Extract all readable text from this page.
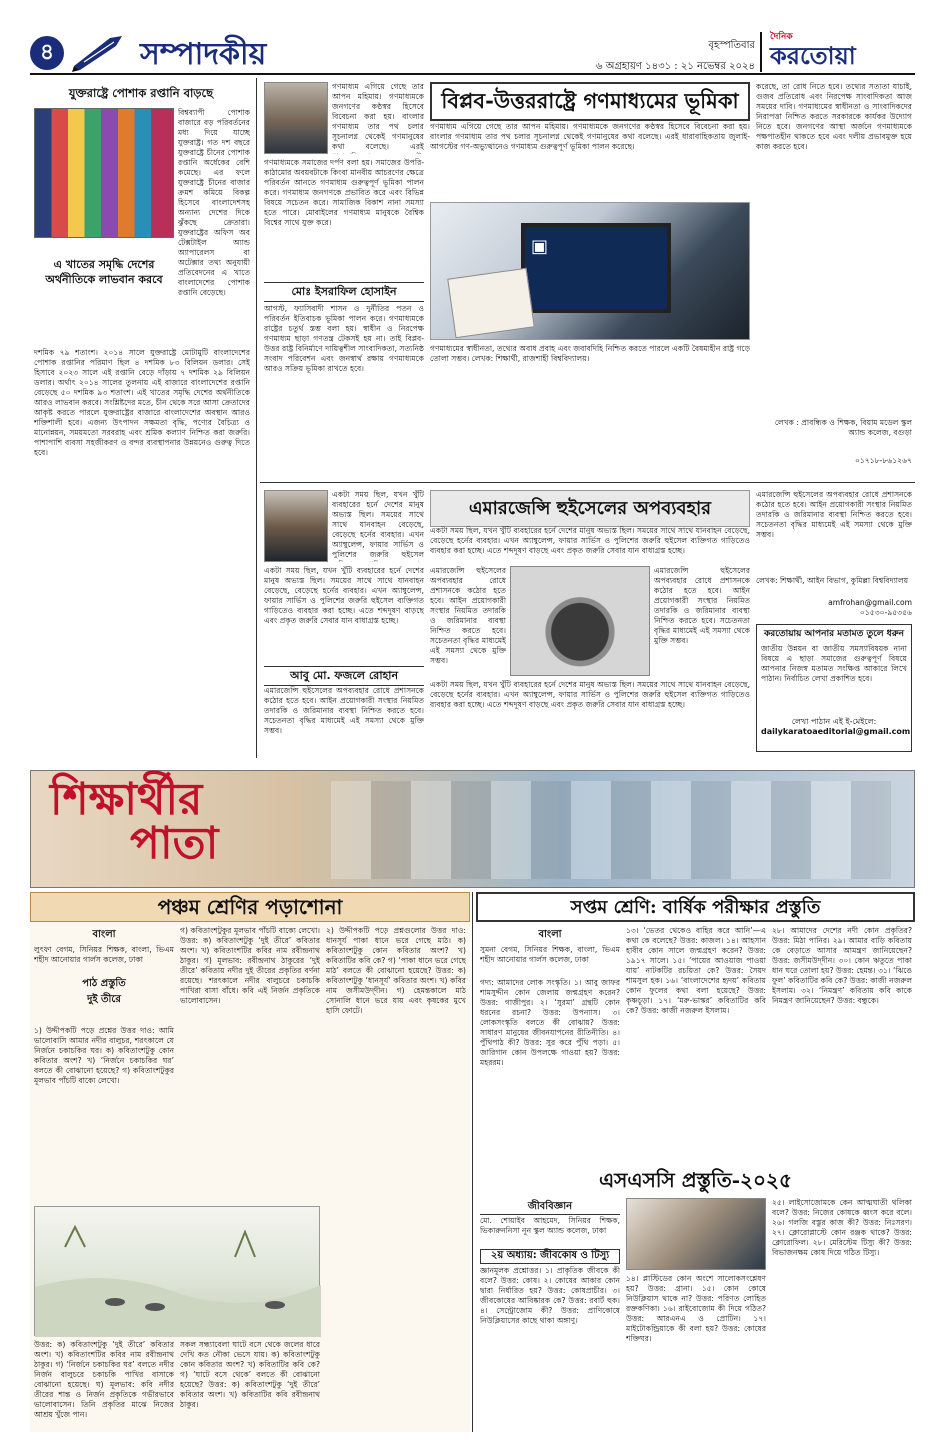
৪	সম্পাদকীয়	বৃহস্পতিবার
৬ অগ্রহায়ণ ১৪৩১ : ২১ নভেম্বর ২০২৪
দৈনিক
করতোয়া
যুক্তরাষ্ট্রে পোশাক রপ্তানি বাড়ছে
বিশ্বব্যাপী পোশাক বাজারে বড় পরিবর্তনের মধ্য দিয়ে যাচ্ছে যুক্তরাষ্ট্র। গত দশ বছরে যুক্তরাষ্ট্রে চীনের পোশাক রপ্তানি অর্ধেকের বেশি কমেছে। এর ফলে যুক্তরাষ্ট্রে চীনের বাজার ক্রমশ কমিয়ে বিকল্প হিসেবে বাংলাদেশসহ অন্যান্য দেশের দিকে ঝুঁকছে ক্রেতারা। যুক্তরাষ্ট্রের অফিস অব টেক্সটাইল অ্যান্ড অ্যাপারেলস বা অটেক্সার তথ্য অনুযায়ী প্রতিবেদনের এ খাতে বাংলাদেশের পোশাক রপ্তানি বেড়েছে।
এ খাতের সমৃদ্ধি দেশের অর্থনীতিকে লাভবান করবে
দশমিক ৭৯ শতাংশ। ২০১৪ সালে যুক্তরাষ্ট্রে মোটামুটি বাংলাদেশের পোশাক রপ্তানির পরিমাণ ছিল ৪ দশমিক ৮৩ বিলিয়ন ডলার। সেই হিসাবে ২০২৩ সালে এই রপ্তানি বেড়ে দাঁড়ায় ৭ দশমিক ২৯ বিলিয়ন ডলার। অর্থাৎ ২০১৪ সালের তুলনায় এই বাজারে বাংলাদেশের রপ্তানি বেড়েছে ৫০ দশমিক ৯৩ শতাংশ। এই খাতের সমৃদ্ধি দেশের অর্থনীতিকে আরও লাভবান করবে। সংশ্লিষ্টদের মতে, চীন থেকে সরে আসা ক্রেতাদের আকৃষ্ট করতে পারলে যুক্তরাষ্ট্রের বাজারে বাংলাদেশের অবস্থান আরও শক্তিশালী হবে। এজন্য উৎপাদন সক্ষমতা বৃদ্ধি, পণ্যের বৈচিত্র্য ও মানোন্নয়ন, সময়মতো সরবরাহ এবং শ্রমিক কল্যাণ নিশ্চিত করা জরুরি। পাশাপাশি ব্যবসা সহজীকরণ ও বন্দর ব্যবস্থাপনার উন্নয়নেও গুরুত্ব দিতে হবে।
গণমাধ্যমকে সমাজের দর্পণ বলা হয়। সমাজের উপরি-কাঠামোর অবয়বটাকে কিংবা মানবীয় আচরণের ক্ষেত্রে পরিবর্তন আনতে গণমাধ্যম গুরুত্বপূর্ণ ভূমিকা পালন করে। গণমাধ্যম জনগণকে প্রভাবিত করে এবং বিভিন্ন বিষয়ে সচেতন করে। সামাজিক বিকাশ নানা সমস্যা হতে পারে। মোবাইলের গণমাধ্যম মানুষকে বৈশ্বিক বিশ্বের সাথে যুক্ত করে।
গণমাধ্যম এগিয়ে গেছে তার আপন মহিমায়। গণমাধ্যমকে জনগণের কণ্ঠস্বর হিসেবে বিবেচনা করা হয়। বাংলার গণমাধ্যম তার পথ চলার সূচনালগ্ন থেকেই গণমানুষের কথা বলেছে। এরই
মোঃ ইসরাফিল হোসাইন
আগস্ট, ফ্যাসিবাদী শাসন ও দুর্নীতির পতন ও পরিবর্তন ইতিবাচক ভূমিকা পালন করে। গণমাধ্যমকে রাষ্ট্রের চতুর্থ স্তম্ভ বলা হয়। স্বাধীন ও নিরপেক্ষ গণমাধ্যম ছাড়া গণতন্ত্র টেকসই হয় না। তাই বিপ্লব-উত্তর রাষ্ট্র বিনির্মাণে দায়িত্বশীল সাংবাদিকতা, সত্যনিষ্ঠ সংবাদ পরিবেশন এবং জনস্বার্থ রক্ষায় গণমাধ্যমকে আরও সক্রিয় ভূমিকা রাখতে হবে।
বিপ্লব-উত্তররাষ্ট্রে গণমাধ্যমের ভূমিকা
গণমাধ্যম এগিয়ে গেছে তার আপন মহিমায়। গণমাধ্যমকে জনগণের কণ্ঠস্বর হিসেবে বিবেচনা করা হয়। বাংলার গণমাধ্যম তার পথ চলার সূচনালগ্ন থেকেই গণমানুষের কথা বলেছে। এরই ধারাবাহিকতায় জুলাই-আগস্টের গণ-অভ্যুত্থানেও গণমাধ্যম গুরুত্বপূর্ণ ভূমিকা পালন করেছে।
▣
গণমাধ্যমের স্বাধীনতা, তথ্যের অবাধ প্রবাহ এবং জবাবদিহি নিশ্চিত করতে পারলে একটি বৈষম্যহীন রাষ্ট্র গড়ে তোলা সম্ভব। লেখক: শিক্ষার্থী, রাজশাহী বিশ্ববিদ্যালয়।
করেছে, তা রোধ নিতে হবে। তথ্যের সত্যতা যাচাই, গুজব প্রতিরোধ এবং নিরপেক্ষ সাংবাদিকতা আজ সময়ের দাবি। গণমাধ্যমের স্বাধীনতা ও সাংবাদিকদের নিরাপত্তা নিশ্চিত করতে সরকারকে কার্যকর উদ্যোগ নিতে হবে। জনগণের আস্থা অর্জনে গণমাধ্যমকে পক্ষপাতহীন থাকতে হবে এবং দলীয় প্রভাবমুক্ত হয়ে কাজ করতে হবে।
লেখক : প্রাবন্ধিক ও শিক্ষক, বিয়াম মডেল স্কুল অ্যান্ড কলেজ, বগুড়া
০১৭১৮-৮৬১২৬৭
একটা সময় ছিল, যখন খুঁটি ব্যবহারের হর্নে দেশের মানুষ অভ্যস্ত ছিল। সময়ের সাথে সাথে যানবাহন বেড়েছে, বেড়েছে হর্নের ব্যবহার। এখন অ্যাম্বুলেন্স, ফায়ার সার্ভিস ও পুলিশের জরুরি হুইসেল
একটা সময় ছিল, যখন খুঁটি ব্যবহারের হর্নে দেশের মানুষ অভ্যস্ত ছিল। সময়ের সাথে সাথে যানবাহন বেড়েছে, বেড়েছে হর্নের ব্যবহার। এখন অ্যাম্বুলেন্স, ফায়ার সার্ভিস ও পুলিশের জরুরি হুইসেল ব্যক্তিগত গাড়িতেও ব্যবহার করা হচ্ছে। এতে শব্দদূষণ বাড়ছে এবং প্রকৃত জরুরি সেবার যান বাধাগ্রস্ত হচ্ছে।
আবু মো. ফজলে রোহান
এমারজেন্সি হুইসেলের অপব্যবহার রোধে প্রশাসনকে কঠোর হতে হবে। আইন প্রয়োগকারী সংস্থার নিয়মিত তদারকি ও জরিমানার ব্যবস্থা নিশ্চিত করতে হবে। সচেতনতা বৃদ্ধির মাধ্যমেই এই সমস্যা থেকে মুক্তি সম্ভব।
এমারজেন্সি হুইসেলের অপব্যবহার
একটা সময় ছিল, যখন খুঁটি ব্যবহারের হর্নে দেশের মানুষ অভ্যস্ত ছিল। সময়ের সাথে সাথে যানবাহন বেড়েছে, বেড়েছে হর্নের ব্যবহার। এখন অ্যাম্বুলেন্স, ফায়ার সার্ভিস ও পুলিশের জরুরি হুইসেল ব্যক্তিগত গাড়িতেও ব্যবহার করা হচ্ছে। এতে শব্দদূষণ বাড়ছে এবং প্রকৃত জরুরি সেবার যান বাধাগ্রস্ত হচ্ছে।
এমারজেন্সি হুইসেলের অপব্যবহার রোধে প্রশাসনকে কঠোর হতে হবে। আইন প্রয়োগকারী সংস্থার নিয়মিত তদারকি ও জরিমানার ব্যবস্থা নিশ্চিত করতে হবে। সচেতনতা বৃদ্ধির মাধ্যমেই এই সমস্যা থেকে মুক্তি সম্ভব।
এমারজেন্সি হুইসেলের অপব্যবহার রোধে প্রশাসনকে কঠোর হতে হবে। আইন প্রয়োগকারী সংস্থার নিয়মিত তদারকি ও জরিমানার ব্যবস্থা নিশ্চিত করতে হবে। সচেতনতা বৃদ্ধির মাধ্যমেই এই সমস্যা থেকে মুক্তি সম্ভব।
একটা সময় ছিল, যখন খুঁটি ব্যবহারের হর্নে দেশের মানুষ অভ্যস্ত ছিল। সময়ের সাথে সাথে যানবাহন বেড়েছে, বেড়েছে হর্নের ব্যবহার। এখন অ্যাম্বুলেন্স, ফায়ার সার্ভিস ও পুলিশের জরুরি হুইসেল ব্যক্তিগত গাড়িতেও ব্যবহার করা হচ্ছে। এতে শব্দদূষণ বাড়ছে এবং প্রকৃত জরুরি সেবার যান বাধাগ্রস্ত হচ্ছে।
এমারজেন্সি হুইসেলের অপব্যবহার রোধে প্রশাসনকে কঠোর হতে হবে। আইন প্রয়োগকারী সংস্থার নিয়মিত তদারকি ও জরিমানার ব্যবস্থা নিশ্চিত করতে হবে। সচেতনতা বৃদ্ধির মাধ্যমেই এই সমস্যা থেকে মুক্তি সম্ভব।
লেখক: শিক্ষার্থী, আইন বিভাগ, কুমিল্লা বিশ্ববিদ্যালয়
amfrohan@gmail.com
০১৫৩০-৯৫৩৫৬
করতোয়ায় আপনার মতামত তুলে ধরুন
জাতীয় উন্নয়ন বা জাতীয় সমস্যাবিষয়ক নানা বিষয়ে এ ছাড়া সমাজের গুরুত্বপূর্ণ বিষয়ে আপনার নিজস্ব মতামত সংক্ষিপ্ত আকারে লিখে পাঠান। নির্বাচিত লেখা প্রকাশিত হবে।
লেখা পাঠান এই ই-মেইলে:
dailykaratoaeditorial@gmail.com
শিক্ষার্থীর
পাতা
পঞ্চম শ্রেণির পড়াশোনা
বাংলা
লুৎফা বেগম, সিনিয়র শিক্ষক, বাংলা, ভিএম শহীদ আনোয়ার গার্লস কলেজ, ঢাকা
পাঠ প্রস্তুতি
দুই তীরে
১) উদ্দীপকটি পড়ে প্রশ্নের উত্তর দাও: আমি ভালোবাসি আমার নদীর বালুচর, শরৎকালে যে নির্জনে চকাচকির ঘর। ক) কবিতাংশটুকু কোন কবিতার অংশ? খ) ‘নির্জনে চকাচকির ঘর’ বলতে কী বোঝানো হয়েছে? গ) কবিতাংশটুকুর মূলভাব পাঁচটি বাক্যে লেখো।
গ) কবিতাংশটুকুর মূলভাব পাঁচটি বাক্যে লেখো। উত্তর: ক) কবিতাংশটুকু ‘দুই তীরে’ কবিতার অংশ। খ) কবিতাংশটির কবির নাম রবীন্দ্রনাথ ঠাকুর। গ) মূলভাব: রবীন্দ্রনাথ ঠাকুরের ‘দুই তীরে’ কবিতায় নদীর দুই তীরের প্রকৃতির বর্ণনা রয়েছে। শরৎকালে নদীর বালুচরে চকাচকি পাখিরা বাসা বাঁধে। কবি এই নির্জন প্রকৃতিকে ভালোবাসেন।
২) উদ্দীপকটি পড়ে প্রশ্নগুলোর উত্তর দাও: ধানসূর্য পাকা ধানে ভরে গেছে মাঠ। ক) কবিতাংশটুকু কোন কবিতার অংশ? খ) কবিতাটির কবি কে? গ) ‘পাকা ধানে ভরে গেছে মাঠ’ বলতে কী বোঝানো হয়েছে? উত্তর: ক) কবিতাংশটুকু ‘ধানসূর্য’ কবিতার অংশ। খ) কবির নাম জসীমউদ্‌দীন। গ) হেমন্তকালে মাঠ সোনালি ধানে ভরে যায় এবং কৃষকের মুখে হাসি ফোটে।
উত্তর: ক) কবিতাংশটুকু ‘দুই তীরে’ কবিতার অংশ। খ) কবিতাংশটির কবির নাম রবীন্দ্রনাথ ঠাকুর। গ) ‘নির্জনে চকাচকির ঘর’ বলতে নদীর নির্জন বালুচরে চকাচকি পাখির বাসাকে বোঝানো হয়েছে। ঘ) মূলভাব: কবি নদীর তীরের শান্ত ও নির্জন প্রকৃতিকে গভীরভাবে ভালোবাসেন। তিনি প্রকৃতির মাঝে নিজের আশ্রয় খুঁজে পান।
সকল সন্ধ্যাবেলা ঘাটে বসে থেকে জলের ধারে দেখি কত নৌকা ভেসে যায়। ক) কবিতাংশটুকু কোন কবিতার অংশ? খ) কবিতাটির কবি কে? গ) ‘ঘাটে বসে থেকে’ বলতে কী বোঝানো হয়েছে? উত্তর: ক) কবিতাংশটুকু ‘দুই তীরে’ কবিতার অংশ। খ) কবিতাটির কবি রবীন্দ্রনাথ ঠাকুর।
সপ্তম শ্রেণি: বার্ষিক পরীক্ষার প্রস্তুতি
বাংলা
সুমনা বেগম, সিনিয়র শিক্ষক, বাংলা, ভিএম শহীদ আনোয়ার গার্লস কলেজ, ঢাকা
গদ্য: আমাদের লোক সংস্কৃতি। ১। আবু জাফর শামসুদ্দীন কোন জেলায় জন্মগ্রহণ করেন? উত্তর: গাজীপুর। ২। ‘সুরমা’ গ্রন্থটি কোন ধরনের রচনা? উত্তর: উপন্যাস। ৩। লোকসংস্কৃতি বলতে কী বোঝায়? উত্তর: সাধারণ মানুষের জীবনযাপনের রীতিনীতি। ৪। পুঁথিপাঠ কী? উত্তর: সুর করে পুঁথি পড়া। ৫। জারিগান কোন উপলক্ষে গাওয়া হয়? উত্তর: মহররম।
১৩। ‘ভেতর থেকেও বাহির করে আনি’—এ কথা কে বলেছে? উত্তর: কাজল। ১৪। আহসান হাবীব কোন সালে জন্মগ্রহণ করেন? উত্তর: ১৯১৭ সালে। ১৫। ‘পায়ের আওয়াজ পাওয়া যায়’ নাটকটির রচয়িতা কে? উত্তর: সৈয়দ শামসুল হক। ১৬। ‘বাংলাদেশের হৃদয়’ কবিতায় কোন ফুলের কথা বলা হয়েছে? উত্তর: কৃষ্ণচূড়া। ১৭। ‘মরু-ভাস্কর’ কবিতাটির কবি কে? উত্তর: কাজী নজরুল ইসলাম।
২৮। আমাদের দেশের নদী কোন প্রকৃতির? উত্তর: মিঠা পানির। ২৯। আমার বাড়ি কবিতায় কে বেড়াতে আসার আমন্ত্রণ জানিয়েছেন? উত্তর: জসীমউদ্‌দীন। ৩০। কোন ঋতুতে পাকা ধান ঘরে তোলা হয়? উত্তর: হেমন্ত। ৩১। ‘ঝিঙে ফুল’ কবিতাটির কবি কে? উত্তর: কাজী নজরুল ইসলাম। ৩২। ‘নিমন্ত্রণ’ কবিতায় কবি কাকে নিমন্ত্রণ জানিয়েছেন? উত্তর: বন্ধুকে।
এসএসসি প্রস্তুতি-২০২৫
জীববিজ্ঞান
মো. শোয়াইব আহমেদ, সিনিয়র শিক্ষক, ভিকারুননিসা নূন স্কুল অ্যান্ড কলেজ, ঢাকা
২য় অধ্যায়: জীবকোষ ও টিস্যু
জ্ঞানমূলক প্রশ্নোত্তর। ১। প্রাকৃতিক জীবকে কী বলে? উত্তর: কোষ। ২। কোষের আকার কোন দ্বারা নির্ধারিত হয়? উত্তর: কোষপ্রাচীর। ৩। জীবকোষের আবিষ্কারক কে? উত্তর: রবার্ট হুক। ৪। সেন্ট্রোজোম কী? উত্তর: প্রাণিকোষে নিউক্লিয়াসের কাছে থাকা অঙ্গাণু।
১৪। প্লাস্টিডের কোন অংশে সালোকসংশ্লেষণ হয়? উত্তর: গ্রানা। ১৫। কোন কোষে নিউক্লিয়াস থাকে না? উত্তর: পরিণত লোহিত রক্তকণিকা। ১৬। রাইবোজোম কী দিয়ে গঠিত? উত্তর: আরএনএ ও প্রোটিন। ১৭। মাইটোকন্ড্রিয়াকে কী বলা হয়? উত্তর: কোষের শক্তিঘর।
২৫। লাইসোজোমকে কেন আত্মঘাতী থলিকা বলে? উত্তর: নিজের কোষকে ধ্বংস করে বলে। ২৬। গলজি বস্তুর কাজ কী? উত্তর: নিঃসরণ। ২৭। ক্লোরোপ্লাস্টে কোন রঞ্জক থাকে? উত্তর: ক্লোরোফিল। ২৮। মেরিস্টেম টিস্যু কী? উত্তর: বিভাজনক্ষম কোষ দিয়ে গঠিত টিস্যু।
